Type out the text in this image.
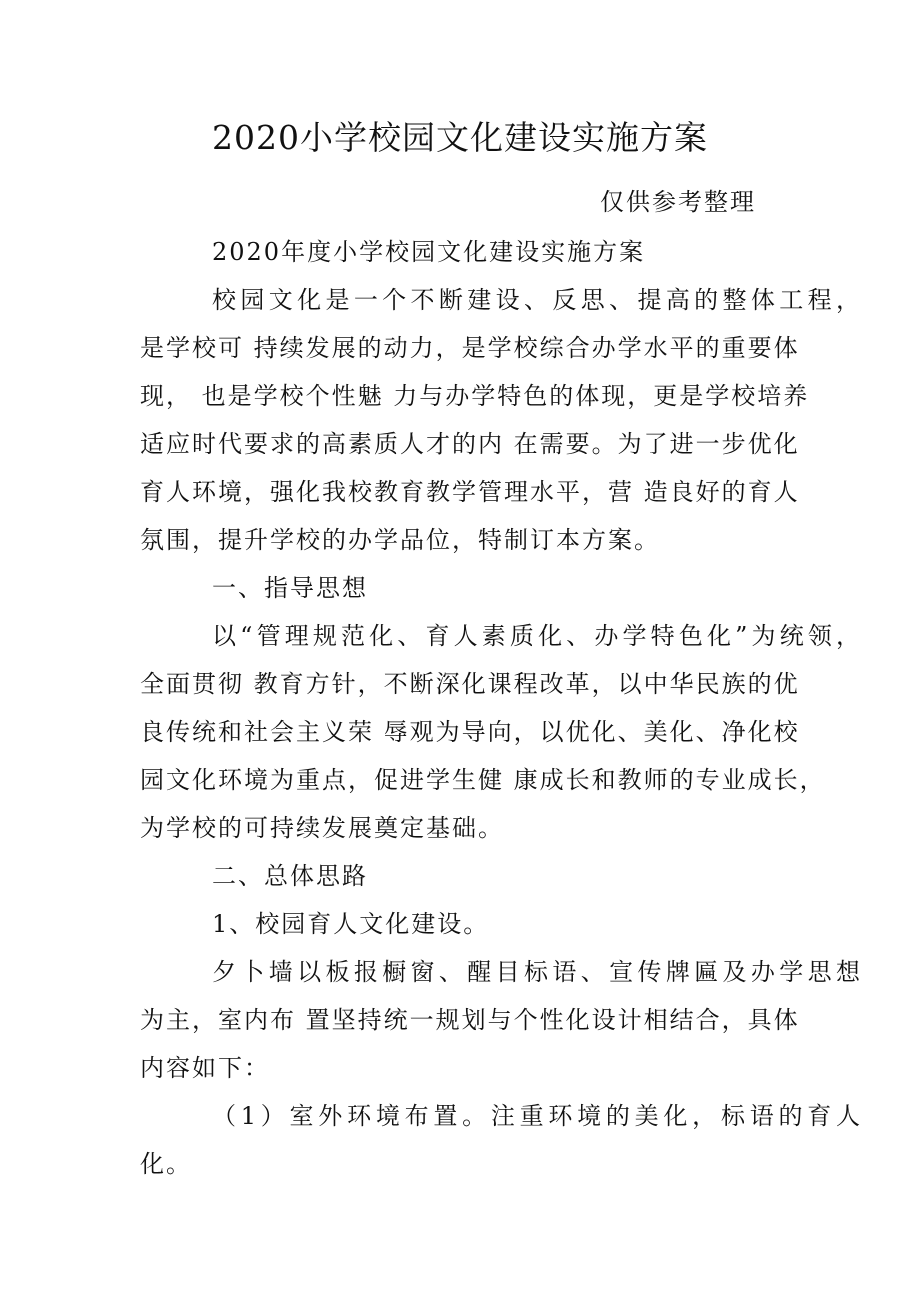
2020小学校园文化建设实施方案
仅供参考整理
2020年度小学校园文化建设实施方案
校园文化是一个不断建设、反思、提高的整体工程，
是学校可 持续发展的动力，是学校综合办学水平的重要体
现， 也是学校个性魅 力与办学特色的体现，更是学校培养
适应时代要求的高素质人才的内 在需要。为了进一步优化
育人环境，强化我校教育教学管理水平，营 造良好的育人
氛围，提升学校的办学品位，特制订本方案。
一、指导思想
以“管理规范化、育人素质化、办学特色化”为统领，
全面贯彻 教育方针，不断深化课程改革，以中华民族的优
良传统和社会主义荣 辱观为导向，以优化、美化、净化校
园文化环境为重点，促进学生健 康成长和教师的专业成长，
为学校的可持续发展奠定基础。
二、总体思路
1、校园育人文化建设。
夕卜墙以板报橱窗、醒目标语、宣传牌匾及办学思想
为主，室内布 置坚持统一规划与个性化设计相结合，具体
内容如下：
（1）室外环境布置。注重环境的美化，标语的育人
化。
